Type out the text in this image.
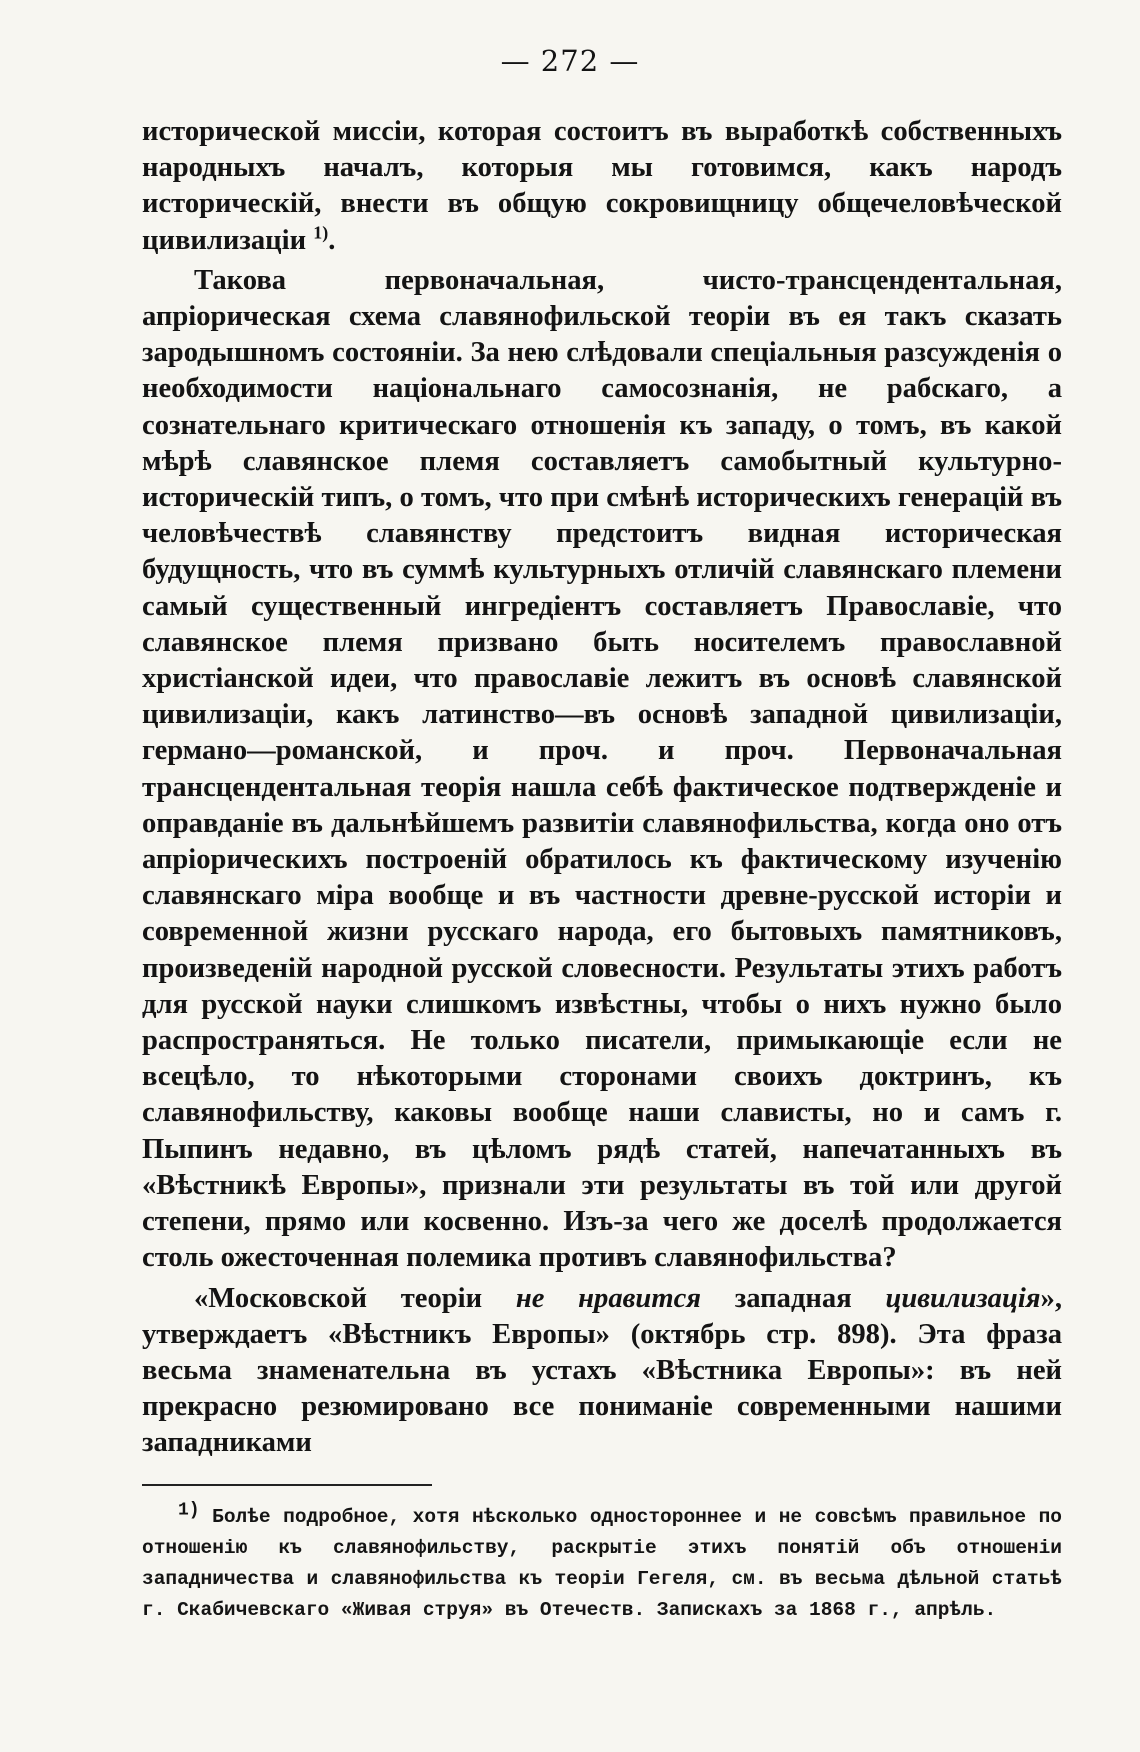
— 272 —

исторической миссіи, которая состоитъ въ выработкѣ собственныхъ народныхъ началъ, которыя мы готовимся, какъ народъ историческій, внести въ общую сокровищницу общечеловѣческой цивилизаціи $^{1)}$.

Такова первоначальная, чисто-трансцендентальная, апріорическая схема славянофильской теоріи въ ея такъ сказать зародышномъ состояніи. За нею слѣдовали спеціальныя разсужденія о необходимости національнаго самосознанія, не рабскаго, а сознательнаго критическаго отношенія къ западу, о томъ, въ какой мѣрѣ славянское племя составляетъ самобытный культурно-историческій типъ, о томъ, что при смѣнѣ историческихъ генерацій въ человѣчествѣ славянству предстоитъ видная историческая будущность, что въ суммѣ культурныхъ отличій славянскаго племени самый существенный ингредіентъ составляетъ Православіе, что славянское племя призвано быть носителемъ православной христіанской идеи, что православіе лежитъ въ основѣ славянской цивилизаціи, какъ латинство—въ основѣ западной цивилизаціи, германо—романской, и проч. и проч. Первоначальная трансцендентальная теорія нашла себѣ фактическое подтвержденіе и оправданіе въ дальнѣйшемъ развитіи славянофильства, когда оно отъ апріорическихъ построеній обратилось къ фактическому изученію славянскаго міра вообще и въ частности древне-русской исторіи и современной жизни русскаго народа, его бытовыхъ памятниковъ, произведеній народной русской словесности. Результаты этихъ работъ для русской науки слишкомъ извѣстны, чтобы о нихъ нужно было распространяться. Не только писатели, примыкающіе если не всецѣло, то нѣкоторыми сторонами своихъ доктринъ, къ славянофильству, каковы вообще наши слависты, но и самъ г. Пыпинъ недавно, въ цѣломъ рядѣ статей, напечатанныхъ въ «Вѣстникѣ Европы», признали эти результаты въ той или другой степени, прямо или косвенно. Изъ-за чего же доселѣ продолжается столь ожесточенная полемика противъ славянофильства?

«Московской теоріи не нравится западная цивилизація», утверждаетъ «Вѣстникъ Европы» (октябрь стр. 898). Эта фраза весьма знаменательна въ устахъ «Вѣстника Европы»: въ ней прекрасно резюмировано все пониманіе современными нашими западниками

1) Болѣе подробное, хотя нѣсколько одностороннее и не совсѣмъ правильное по отношенію къ славянофильству, раскрытіе этихъ понятій объ отношеніи западничества и славянофильства къ теоріи Гегеля, см. въ весьма дѣльной статьѣ г. Скабичевскаго «Живая струя» въ Отечеств. Запискахъ за 1868 г., апрѣль.
